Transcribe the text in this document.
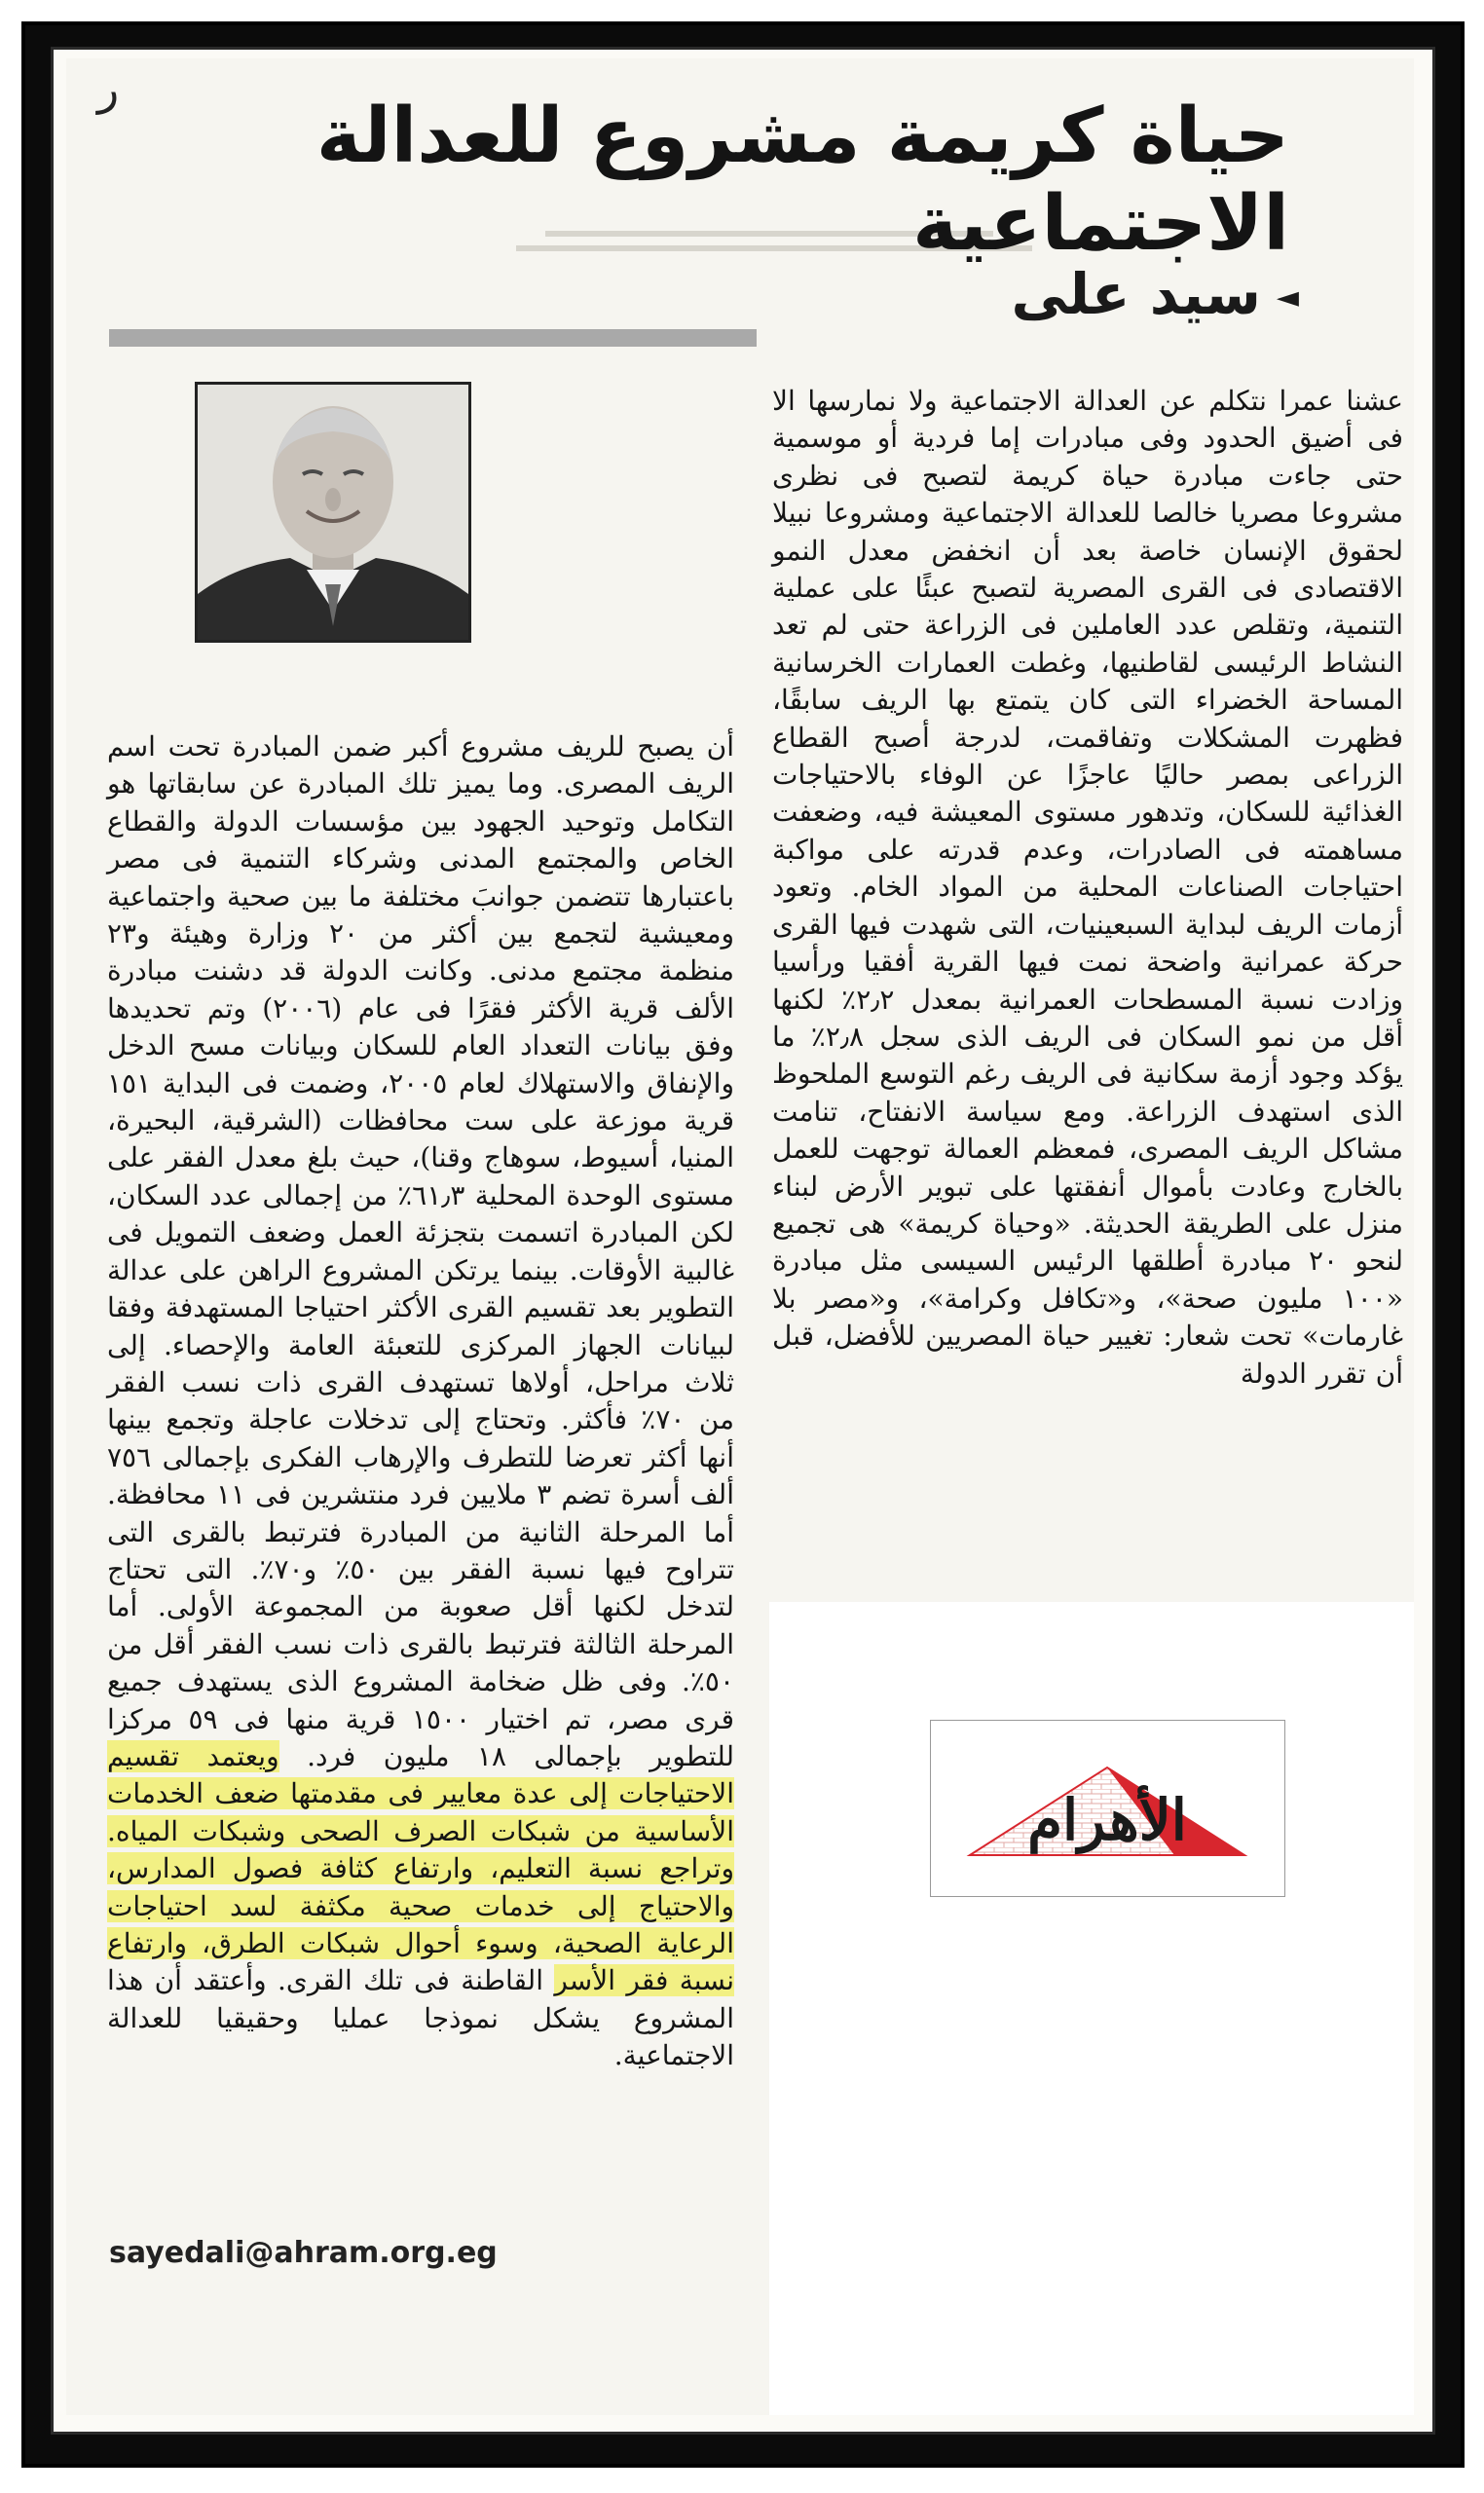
ر
حياة كريمة مشروع للعدالة الاجتماعية
◄سيد على
عشنا عمرا نتكلم عن العدالة الاجتماعية ولا نمارسها الا فى أضيق الحدود وفى مبادرات إما فردية أو موسمية حتى جاءت مبادرة حياة كريمة لتصبح فى نظرى مشروعا مصريا خالصا للعدالة الاجتماعية ومشروعا نبيلا لحقوق الإنسان خاصة بعد أن انخفض معدل النمو الاقتصادى فى القرى المصرية لتصبح عبئًا على عملية التنمية، وتقلص عدد العاملين فى الزراعة حتى لم تعد النشاط الرئيسى لقاطنيها، وغطت العمارات الخرسانية المساحة الخضراء التى كان يتمتع بها الريف سابقًا، فظهرت المشكلات وتفاقمت، لدرجة أصبح القطاع الزراعى بمصر حاليًا عاجزًا عن الوفاء بالاحتياجات الغذائية للسكان، وتدهور مستوى المعيشة فيه، وضعفت مساهمته فى الصادرات، وعدم قدرته على مواكبة احتياجات الصناعات المحلية من المواد الخام. وتعود أزمات الريف لبداية السبعينيات، التى شهدت فيها القرى حركة عمرانية واضحة نمت فيها القرية أفقيا ورأسيا وزادت نسبة المسطحات العمرانية بمعدل ٢٫٢٪ لكنها أقل من نمو السكان فى الريف الذى سجل ٢٫٨٪ ما يؤكد وجود أزمة سكانية فى الريف رغم التوسع الملحوظ الذى استهدف الزراعة. ومع سياسة الانفتاح، تنامت مشاكل الريف المصرى، فمعظم العمالة توجهت للعمل بالخارج وعادت بأموال أنفقتها على تبوير الأرض لبناء منزل على الطريقة الحديثة. «وحياة كريمة» هى تجميع لنحو ٢٠ مبادرة أطلقها الرئيس السيسى مثل مبادرة «١٠٠ مليون صحة»، و«تكافل وكرامة»، و«مصر بلا غارمات» تحت شعار: تغيير حياة المصريين للأفضل، قبل أن تقرر الدولة
أن يصبح للريف مشروع أكبر ضمن المبادرة تحت اسم الريف المصرى. وما يميز تلك المبادرة عن سابقاتها هو التكامل وتوحيد الجهود بين مؤسسات الدولة والقطاع الخاص والمجتمع المدنى وشركاء التنمية فى مصر باعتبارها تتضمن جوانبَ مختلفة ما بين صحية واجتماعية ومعيشية لتجمع بين أكثر من ٢٠ وزارة وهيئة و٢٣ منظمة مجتمع مدنى. وكانت الدولة قد دشنت مبادرة الألف قرية الأكثر فقرًا فى عام (٢٠٠٦) وتم تحديدها وفق بيانات التعداد العام للسكان وبيانات مسح الدخل والإنفاق والاستهلاك لعام ٢٠٠٥، وضمت فى البداية ١٥١ قرية موزعة على ست محافظات (الشرقية، البحيرة، المنيا، أسيوط، سوهاج وقنا)، حيث بلغ معدل الفقر على مستوى الوحدة المحلية ٦١٫٣٪ من إجمالى عدد السكان، لكن المبادرة اتسمت بتجزئة العمل وضعف التمويل فى غالبية الأوقات. بينما يرتكن المشروع الراهن على عدالة التطوير بعد تقسيم القرى الأكثر احتياجا المستهدفة وفقا لبيانات الجهاز المركزى للتعبئة العامة والإحصاء. إلى ثلاث مراحل، أولاها تستهدف القرى ذات نسب الفقر من ٧٠٪ فأكثر. وتحتاج إلى تدخلات عاجلة وتجمع بينها أنها أكثر تعرضا للتطرف والإرهاب الفكرى بإجمالى ٧٥٦ ألف أسرة تضم ٣ ملايين فرد منتشرين فى ١١ محافظة. أما المرحلة الثانية من المبادرة فترتبط بالقرى التى تتراوح فيها نسبة الفقر بين ٥٠٪ و٧٠٪. التى تحتاج لتدخل لكنها أقل صعوبة من المجموعة الأولى. أما المرحلة الثالثة فترتبط بالقرى ذات نسب الفقر أقل من ٥٠٪. وفى ظل ضخامة المشروع الذى يستهدف جميع قرى مصر، تم اختيار ١٥٠٠ قرية منها فى ٥٩ مركزا للتطوير بإجمالى ١٨ مليون فرد. ويعتمد تقسيم الاحتياجات إلى عدة معايير فى مقدمتها ضعف الخدمات الأساسية من شبكات الصرف الصحى وشبكات المياه. وتراجع نسبة التعليم، وارتفاع كثافة فصول المدارس، والاحتياج إلى خدمات صحية مكثفة لسد احتياجات الرعاية الصحية، وسوء أحوال شبكات الطرق، وارتفاع نسبة فقر الأسر القاطنة فى تلك القرى. وأعتقد أن هذا المشروع يشكل نموذجا عمليا وحقيقيا للعدالة الاجتماعية.
sayedali@ahram.org.eg
الأهرام
